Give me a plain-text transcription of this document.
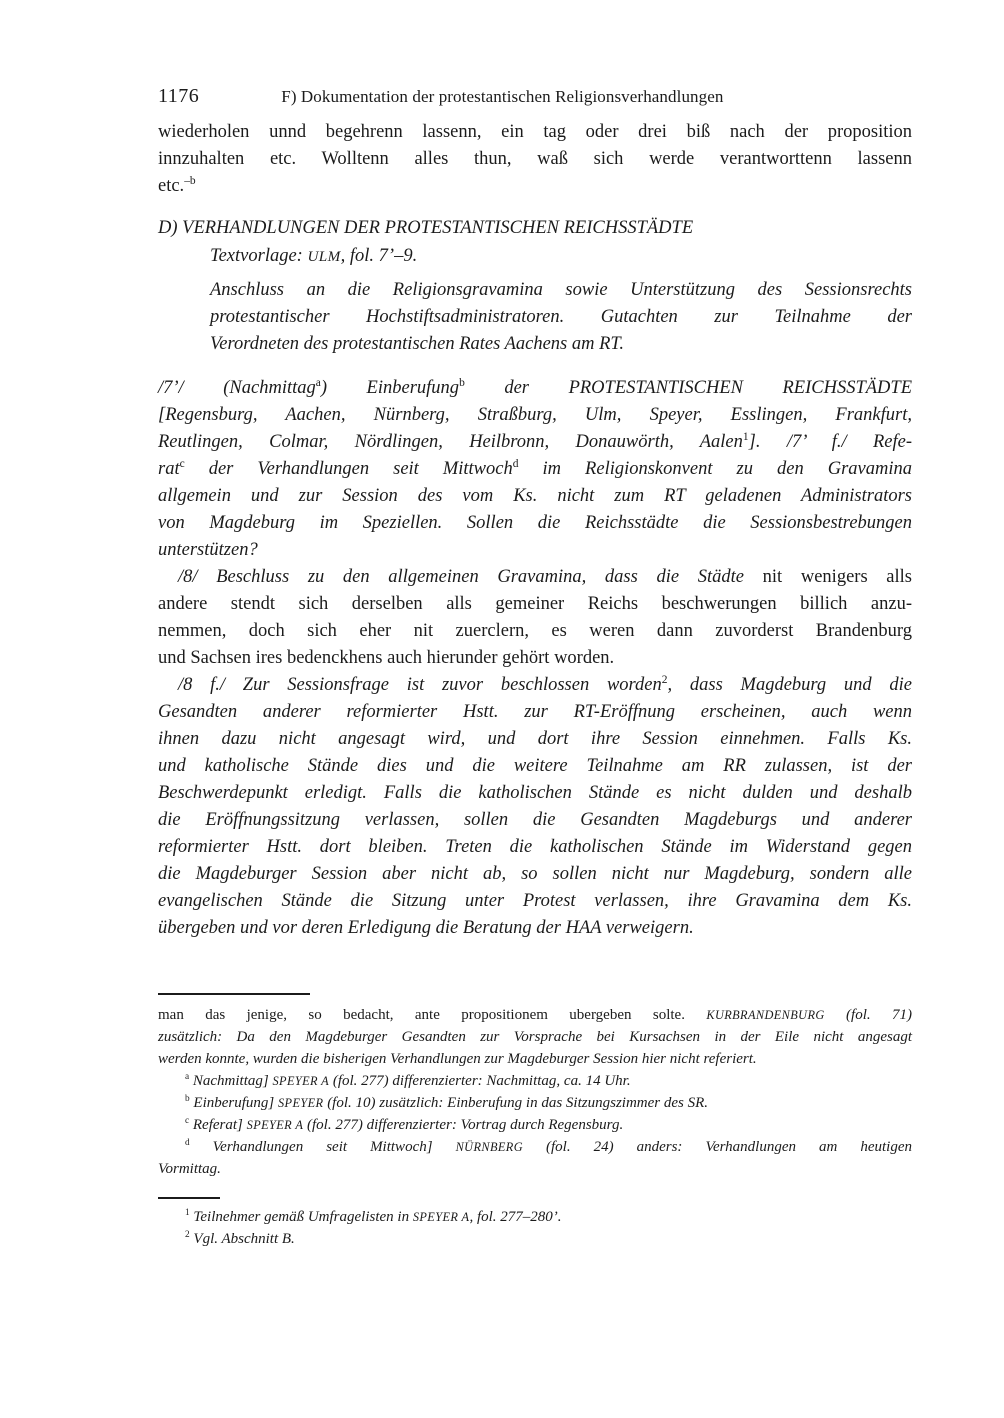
1176	F) Dokumentation der protestantischen Religionsverhandlungen
wiederholen unnd begehrenn lassenn, ein tag oder drei biß nach der proposition
innzuhalten etc. Wolltenn alles thun, waß sich werde verantworttenn lassenn
etc.$^{-b}$
D) VERHANDLUNGEN DER PROTESTANTISCHEN REICHSSTÄDTE
Textvorlage: ULM, fol. 7’–9.
Anschluss an die Religionsgravamina sowie Unterstützung des Sessionsrechts
protestantischer Hochstiftsadministratoren. Gutachten zur Teilnahme der
Verordneten des protestantischen Rates Aachens am RT.
/7’/ (Nachmittag$^a$) Einberufung$^b$ der PROTESTANTISCHEN REICHSSTÄDTE
[Regensburg, Aachen, Nürnberg, Straßburg, Ulm, Speyer, Esslingen, Frankfurt,
Reutlingen, Colmar, Nördlingen, Heilbronn, Donauwörth, Aalen$^1$]. /7’ f./ Refe-
rat$^c$ der Verhandlungen seit Mittwoch$^d$ im Religionskonvent zu den Gravamina
allgemein und zur Session des vom Ks. nicht zum RT geladenen Administrators
von Magdeburg im Speziellen. Sollen die Reichsstädte die Sessionsbestrebungen
unterstützen?
/8/ Beschluss zu den allgemeinen Gravamina, dass die Städte nit wenigers alls
andere stendt sich derselben alls gemeiner Reichs beschwerungen billich anzu-
nemmen, doch sich eher nit zuerclern, es weren dann zuvorderst Brandenburg
und Sachsen ires bedenckhens auch hierunder gehört worden.
/8 f./ Zur Sessionsfrage ist zuvor beschlossen worden$^2$, dass Magdeburg und die
Gesandten anderer reformierter Hstt. zur RT-Eröffnung erscheinen, auch wenn
ihnen dazu nicht angesagt wird, und dort ihre Session einnehmen. Falls Ks.
und katholische Stände dies und die weitere Teilnahme am RR zulassen, ist der
Beschwerdepunkt erledigt. Falls die katholischen Stände es nicht dulden und deshalb
die Eröffnungssitzung verlassen, sollen die Gesandten Magdeburgs und anderer
reformierter Hstt. dort bleiben. Treten die katholischen Stände im Widerstand gegen
die Magdeburger Session aber nicht ab, so sollen nicht nur Magdeburg, sondern alle
evangelischen Stände die Sitzung unter Protest verlassen, ihre Gravamina dem Ks.
übergeben und vor deren Erledigung die Beratung der HAA verweigern.
man das jenige, so bedacht, ante propositionem ubergeben solte. KURBRANDENBURG (fol. 71)
zusätzlich: Da den Magdeburger Gesandten zur Vorsprache bei Kursachsen in der Eile nicht angesagt
werden konnte, wurden die bisherigen Verhandlungen zur Magdeburger Session hier nicht referiert.
$^a$ Nachmittag] SPEYER A (fol. 277) differenzierter: Nachmittag, ca. 14 Uhr.
$^b$ Einberufung] SPEYER (fol. 10) zusätzlich: Einberufung in das Sitzungszimmer des SR.
$^c$ Referat] SPEYER A (fol. 277) differenzierter: Vortrag durch Regensburg.
$^d$ Verhandlungen seit Mittwoch] NÜRNBERG (fol. 24) anders: Verhandlungen am heutigen
Vormittag.
$^1$ Teilnehmer gemäß Umfragelisten in SPEYER A, fol. 277–280’.
$^2$ Vgl. Abschnitt B.
